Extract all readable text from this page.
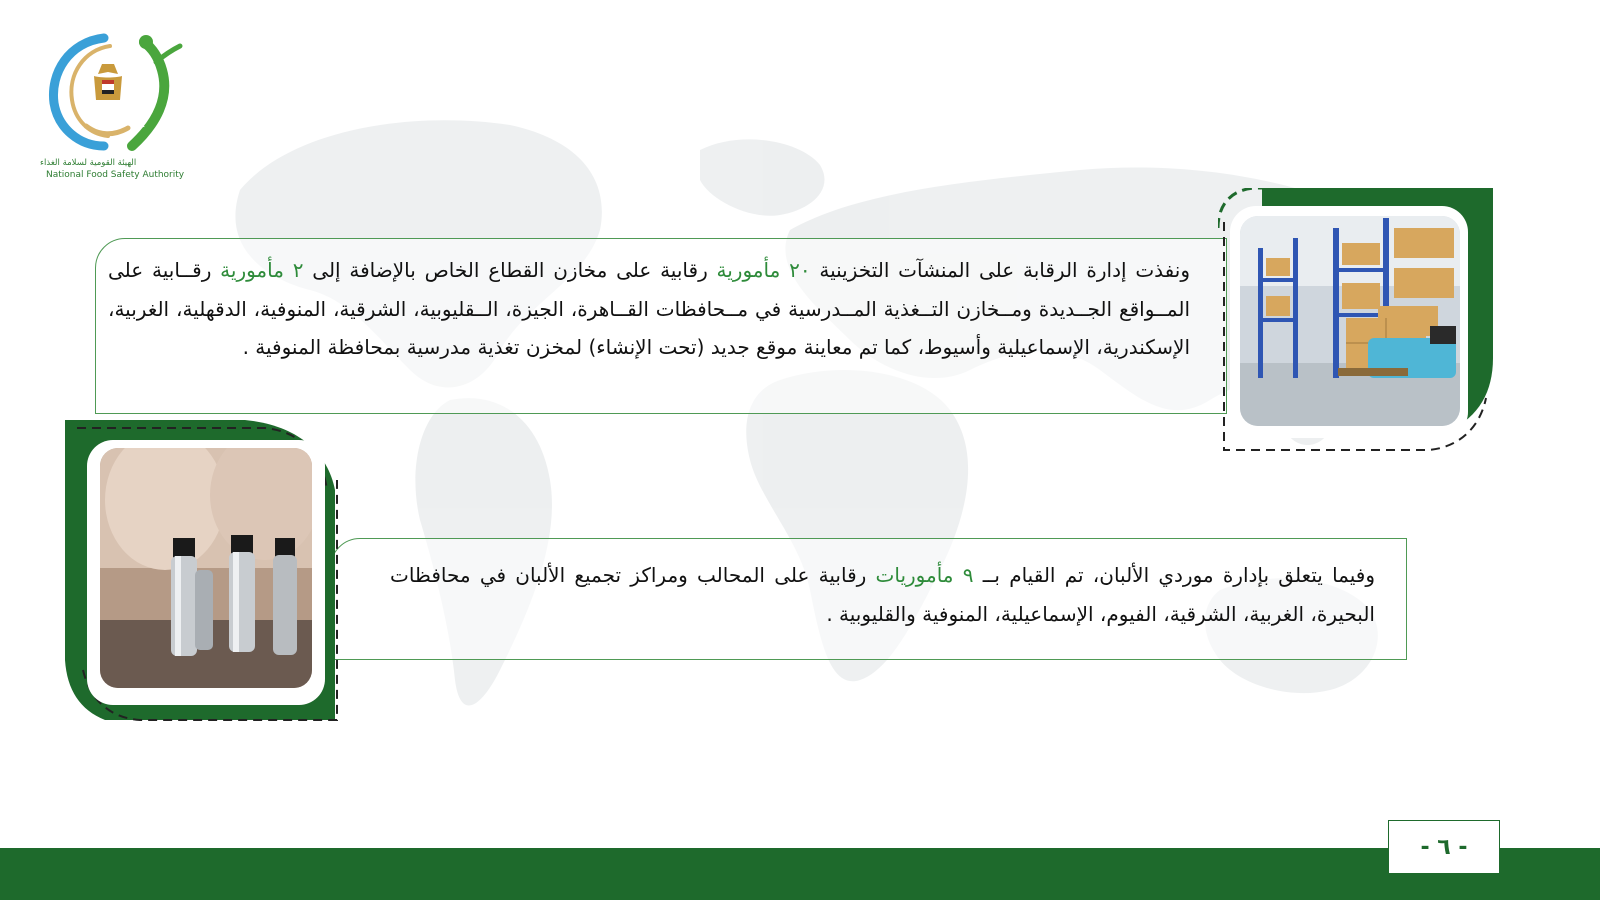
NFSA
الهيئة القومية لسلامة الغذاء
National Food Safety Authority
ونفذت إدارة الرقابة على المنشآت التخزينية ٢٠ مأمورية رقابية على مخازن القطاع الخاص بالإضافة إلى ٢ مأمورية رقــابية على المــواقع الجــديدة ومــخازن التــغذية المــدرسية في مــحافظات القــاهرة، الجيزة، الــقليوبية، الشرقية، المنوفية، الدقهلية، الغربية، الإسكندرية، الإسماعيلية وأسيوط، كما تم معاينة موقع جديد (تحت الإنشاء) لمخزن تغذية مدرسية بمحافظة المنوفية .
وفيما يتعلق بإدارة موردي الألبان، تم القيام بــ ٩ مأموريات رقابية على المحالب ومراكز تجميع الألبان في محافظات البحيرة، الغربية، الشرقية، الفيوم، الإسماعيلية، المنوفية والقليوبية .
- ٦ -
